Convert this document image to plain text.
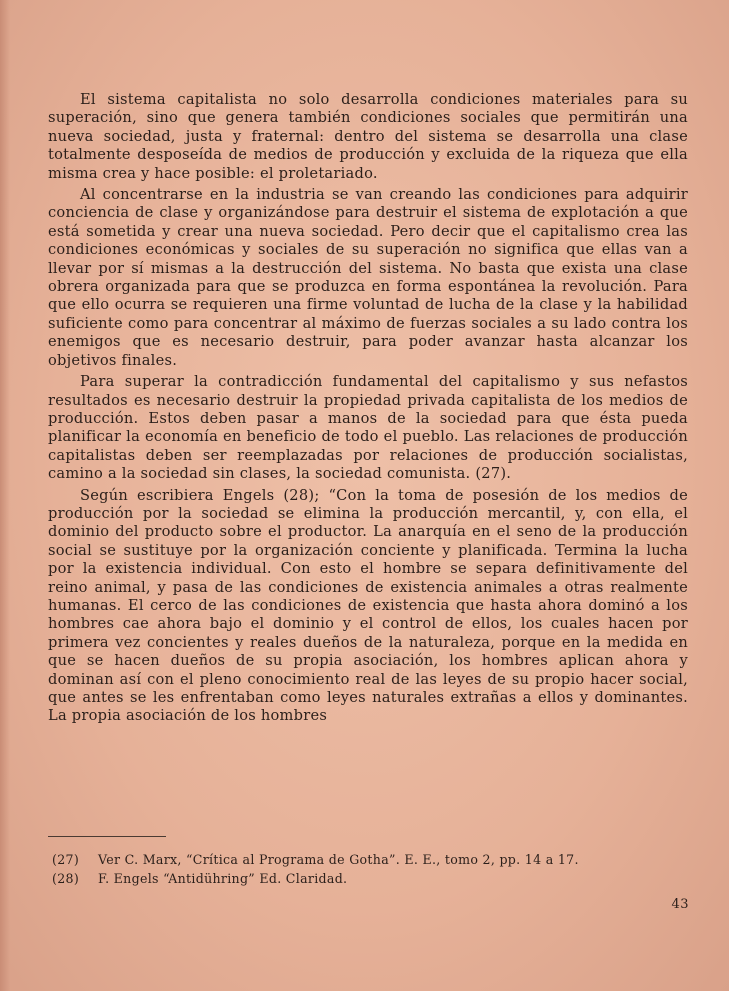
El sistema capitalista no solo desarrolla condiciones materiales para su superación, sino que genera también condiciones sociales que permitirán una nueva sociedad, justa y fraternal: dentro del sistema se desarrolla una clase totalmente desposeída de medios de producción y excluida de la riqueza que ella misma crea y hace posible: el proletariado.

Al concentrarse en la industria se van creando las condiciones para adquirir conciencia de clase y organizándose para destruir el sistema de explotación a que está sometida y crear una nueva sociedad. Pero decir que el capitalismo crea las condiciones económicas y sociales de su superación no significa que ellas van a llevar por sí mismas a la destrucción del sistema. No basta que exista una clase obrera organizada para que se produzca en forma espontánea la revolución. Para que ello ocurra se requieren una firme voluntad de lucha de la clase y la habilidad suficiente como para concentrar al máximo de fuerzas sociales a su lado contra los enemigos que es necesario destruir, para poder avanzar hasta alcanzar los objetivos finales.

Para superar la contradicción fundamental del capitalismo y sus nefastos resultados es necesario destruir la propiedad privada capitalista de los medios de producción. Estos deben pasar a manos de la sociedad para que ésta pueda planificar la economía en beneficio de todo el pueblo. Las relaciones de producción capitalistas deben ser reemplazadas por relaciones de producción socialistas, camino a la sociedad sin clases, la sociedad comunista. (27).

Según escribiera Engels (28); “Con la toma de posesión de los medios de producción por la sociedad se elimina la producción mercantil, y, con ella, el dominio del producto sobre el productor. La anarquía en el seno de la producción social se sustituye por la organización conciente y planificada. Termina la lucha por la existencia individual. Con esto el hombre se separa definitivamente del reino animal, y pasa de las condiciones de existencia animales a otras realmente humanas. El cerco de las condiciones de existencia que hasta ahora dominó a los hombres cae ahora bajo el dominio y el control de ellos, los cuales hacen por primera vez concientes y reales dueños de la naturaleza, porque en la medida en que se hacen dueños de su propia asociación, los hombres aplican ahora y dominan así con el pleno conocimiento real de las leyes de su propio hacer social, que antes se les enfrentaban como leyes naturales extrañas a ellos y dominantes. La propia asociación de los hombres

(27)	Ver C. Marx, “Crítica al Programa de Gotha”. E. E., tomo 2, pp. 14 a 17.
(28)	F. Engels “Antidühring” Ed. Claridad.
43
